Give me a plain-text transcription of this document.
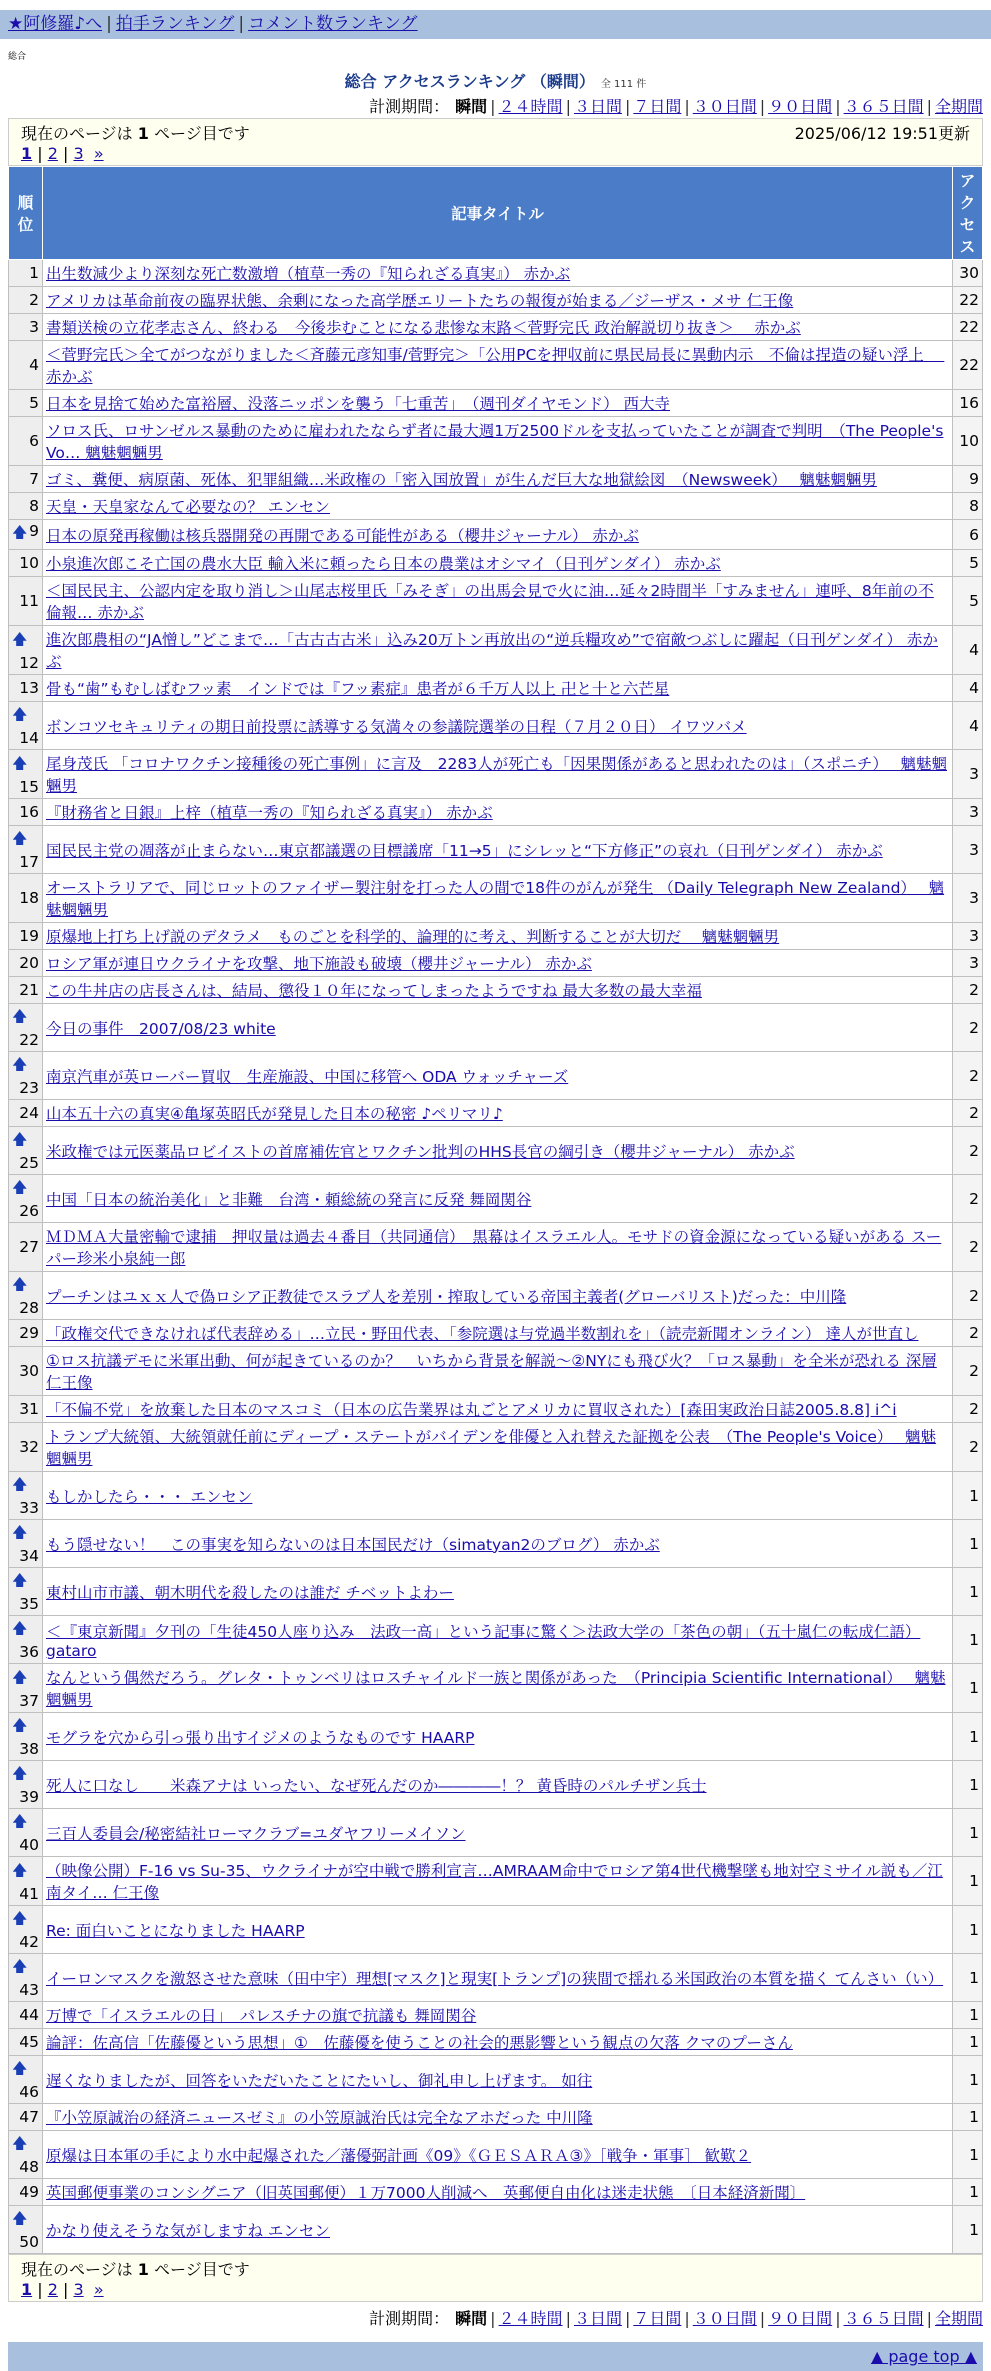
★阿修羅♪へ | 拍手ランキング | コメント数ランキング
総合
総合 アクセスランキング （瞬間） 全 111 件
計測期間： 瞬間 | ２４時間 | ３日間 | ７日間 | ３０日間 | ９０日間 | ３６５日間 | 全期間
現在のページは 1 ページ目です	2025/06/12 19:51更新
1 | 2 | 3 »
順位	記事タイトル	アクセス
1	出生数減少より深刻な死亡数激増（植草一秀の『知られざる真実』） 赤かぶ	30
2	アメリカは革命前夜の臨界状態、余剰になった高学歴エリートたちの報復が始まる／ジーザス・メサ 仁王像	22
3	書類送検の立花孝志さん、終わる　今後歩むことになる悲惨な末路＜菅野完氏 政治解説切り抜き＞　 赤かぶ	22
4	＜菅野完氏＞全てがつながりました＜斉藤元彦知事/菅野完＞「公用PCを押収前に県民局長に異動内示　不倫は捏造の疑い浮上　 赤かぶ	22
5	日本を見捨て始めた富裕層、没落ニッポンを襲う「七重苦」　（週刊ダイヤモンド） 西大寺	16
6	ソロス氏、ロサンゼルス暴動のために雇われたならず者に最大週1万2500ドルを支払っていたことが調査で判明　（The People's Vo… 魑魅魍魎男	10
7	ゴミ、糞便、病原菌、死体、犯罪組織…米政権の「密入国放置」が生んだ巨大な地獄絵図　（Newsweek）　 魑魅魍魎男	9
8	天皇・天皇家なんて必要なの？ エンセン	8

🡅 9	日本の原発再稼働は核兵器開発の再開である可能性がある（櫻井ジャーナル） 赤かぶ	6
10	小泉進次郎こそ亡国の農水大臣 輸入米に頼ったら日本の農業はオシマイ（日刊ゲンダイ） 赤かぶ	5
11	＜国民民主、公認内定を取り消し＞山尾志桜里氏「みそぎ」の出馬会見で火に油…延々2時間半「すみません」連呼、8年前の不倫報… 赤かぶ	5

🡅
12	進次郎農相の“JA憎し”どこまで…「古古古古米」込み20万トン再放出の“逆兵糧攻め”で宿敵つぶしに躍起（日刊ゲンダイ） 赤かぶ	4
13	骨も“歯”もむしばむフッ素　インドでは『フッ素症』患者が６千万人以上 卍と十と六芒星	4

🡅
14	ボンコツセキュリティの期日前投票に誘導する気満々の参議院選挙の日程（７月２０日） イワツバメ	4

🡅
15	尾身茂氏 「コロナワクチン接種後の死亡事例」に言及　2283人が死亡も「因果関係があると思われたのは」（スポニチ）　 魑魅魍魎男	3
16	『財務省と日銀』上梓（植草一秀の『知られざる真実』） 赤かぶ	3

🡅
17	国民民主党の凋落が止まらない…東京都議選の目標議席「11→5」にシレッと“下方修正”の哀れ（日刊ゲンダイ） 赤かぶ	3
18	オーストラリアで、同じロットのファイザー製注射を打った人の間で18件のがんが発生 （Daily Telegraph New Zealand）　 魑魅魍魎男	3
19	原爆地上打ち上げ説のデタラメ　ものごとを科学的、論理的に考え、判断することが大切だ　 魑魅魍魎男	3
20	ロシア軍が連日ウクライナを攻撃、地下施設も破壊（櫻井ジャーナル） 赤かぶ	3
21	この牛丼店の店長さんは、結局、懲役１０年になってしまったようですね 最大多数の最大幸福	2

🡅
22	今日の事件　2007/08/23 white	2

🡅
23	南京汽車が英ローバー買収　生産施設、中国に移管へ ODA ウォッチャーズ	2
24	山本五十六の真実④亀塚英昭氏が発見した日本の秘密 ♪ペリマリ♪	2

🡅
25	米政権では元医薬品ロビイストの首席補佐官とワクチン批判のHHS長官の綱引き（櫻井ジャーナル） 赤かぶ	2

🡅
26	中国「日本の統治美化」と非難　台湾・頼総統の発言に反発 舞岡関谷	2
27	ＭＤＭＡ大量密輸で逮捕　押収量は過去４番目（共同通信）　黒幕はイスラエル人。モサドの資金源になっている疑いがある スーパー珍米小泉純一郎	2

🡅
28	プーチンはユｘｘ人で偽ロシア正教徒でスラブ人を差別・搾取している帝国主義者(グローバリスト)だった：中川隆	2
29	「政権交代できなければ代表辞める」…立民・野田代表、「参院選は与党過半数割れを」（読売新聞オンライン） 達人が世直し	2
30	①ロス抗議デモに米軍出動、何が起きているのか？　いちから背景を解説～②NYにも飛び火？「ロス暴動」を全米が恐れる 深層 仁王像	2
31	「不偏不党」を放棄した日本のマスコミ（日本の広告業界は丸ごとアメリカに買収された）[森田実政治日誌2005.8.8] i^i	2
32	トランプ大統領、大統領就任前にディープ・ステートがバイデンを俳優と入れ替えた証拠を公表　（The People's Voice）　 魑魅魍魎男	2

🡅
33	もしかしたら・・・ エンセン	1

🡅
34	もう隠せない！　この事実を知らないのは日本国民だけ（simatyan2のブログ） 赤かぶ	1

🡅
35	東村山市市議、朝木明代を殺したのは誰だ チベットよわー	1

🡅
36	＜『東京新聞』夕刊の「生徒450人座り込み　法政一高」という記事に驚く＞法政大学の「茶色の朝」（五十嵐仁の転成仁語） gataro	1

🡅
37	なんという偶然だろう。グレタ・トゥンベリはロスチャイルド一族と関係があった　（Principia Scientific International）　 魑魅魍魎男	1

🡅
38	モグラを穴から引っ張り出すイジメのようなものです HAARP	1

🡅
39	死人に口なし　　米森アナは いったい、なぜ死んだのか――――！？ 黄昏時のパルチザン兵士	1

🡅
40	三百人委員会/秘密結社ローマクラブ=ユダヤフリーメイソン	1

🡅
41	（映像公開）F-16 vs Su-35、ウクライナが空中戦で勝利宣言…AMRAAM命中でロシア第4世代機撃墜も地対空ミサイル説も／江南タイ… 仁王像	1

🡅
42	Re: 面白いことになりました HAARP	1

🡅
43	イーロンマスクを激怒させた意味（田中宇）理想[マスク]と現実[トランプ]の狭間で揺れる米国政治の本質を描く てんさい（い）	1
44	万博で「イスラエルの日」　パレスチナの旗で抗議も 舞岡関谷	1
45	論評：佐高信「佐藤優という思想」①　佐藤優を使うことの社会的悪影響という観点の欠落 クマのプーさん	1

🡅
46	遅くなりましたが、回答をいただいたことにたいし、御礼申し上げます。 如往	1
47	『小笠原誠治の経済ニュースゼミ』の小笠原誠治氏は完全なアホだった 中川隆	1

🡅
48	原爆は日本軍の手により水中起爆された／藩優弼計画《09》《ＧＥＳＡＲＡ③》［戦争・軍事］ 歓歎２	1
49	英国郵便事業のコンシグニア（旧英国郵便）１万7000人削減へ　英郵便自由化は迷走状態　〔日本経済新聞〕	1

🡅
50	かなり使えそうな気がしますね エンセン	1
現在のページは 1 ページ目です
1 | 2 | 3 »
計測期間： 瞬間 | ２４時間 | ３日間 | ７日間 | ３０日間 | ９０日間 | ３６５日間 | 全期間
▲ page top ▲
